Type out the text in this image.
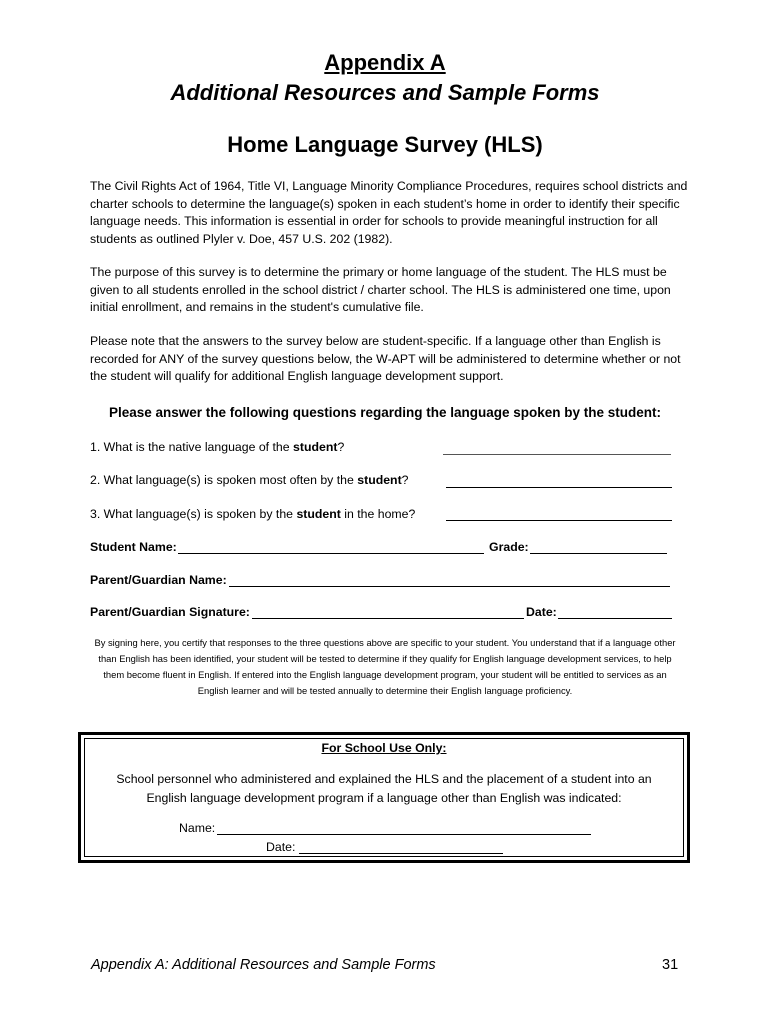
Appendix A
Additional Resources and Sample Forms
Home Language Survey (HLS)

The Civil Rights Act of 1964, Title VI, Language Minority Compliance Procedures, requires school districts and charter schools to determine the language(s) spoken in each student’s home in order to identify their specific language needs. This information is essential in order for schools to provide meaningful instruction for all students as outlined Plyler v. Doe, 457 U.S. 202 (1982).

The purpose of this survey is to determine the primary or home language of the student. The HLS must be given to all students enrolled in the school district / charter school. The HLS is administered one time, upon initial enrollment, and remains in the student's cumulative file.

Please note that the answers to the survey below are student-specific. If a language other than English is recorded for ANY of the survey questions below, the W-APT will be administered to determine whether or not the student will qualify for additional English language development support.

Please answer the following questions regarding the language spoken by the student:
1. What is the native language of the student?
2. What language(s) is spoken most often by the student?
3. What language(s) is spoken by the student in the home?
Student Name:	Grade:
Parent/Guardian Name:
Parent/Guardian Signature:	Date:

By signing here, you certify that responses to the three questions above are specific to your student. You understand that if a language other than English has been identified, your student will be tested to determine if they qualify for English language development services, to help them become fluent in English. If entered into the English language development program, your student will be entitled to services as an English learner and will be tested annually to determine their English language proficiency.

For School Use Only:

School personnel who administered and explained the HLS and the placement of a student into an English language development program if a language other than English was indicated:

Name:
Date:
Appendix A: Additional Resources and Sample Forms	31
